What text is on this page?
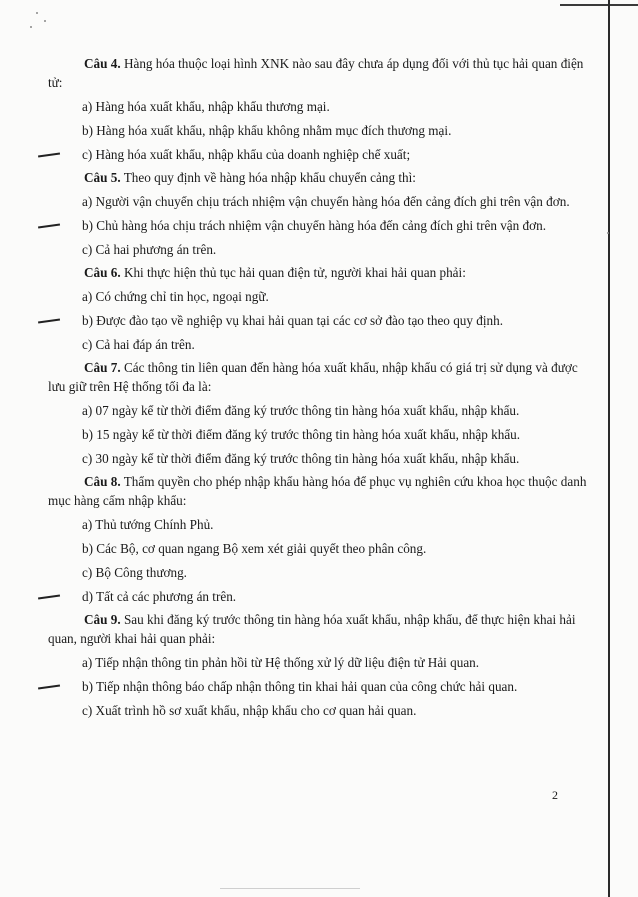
Câu 4. Hàng hóa thuộc loại hình XNK nào sau đây chưa áp dụng đối với thủ tục hải quan điện tử:

a) Hàng hóa xuất khẩu, nhập khẩu thương mại.

b) Hàng hóa xuất khẩu, nhập khẩu không nhằm mục đích thương mại.

c) Hàng hóa xuất khẩu, nhập khẩu của doanh nghiệp chế xuất;

Câu 5. Theo quy định về hàng hóa nhập khẩu chuyển cảng thì:

a) Người vận chuyển chịu trách nhiệm vận chuyển hàng hóa đến cảng đích ghi trên vận đơn.

b) Chủ hàng hóa chịu trách nhiệm vận chuyển hàng hóa đến cảng đích ghi trên vận đơn.

c) Cả hai phương án trên.

Câu 6. Khi thực hiện thủ tục hải quan điện tử, người khai hải quan phải:

a) Có chứng chỉ tin học, ngoại ngữ.

b) Được đào tạo về nghiệp vụ khai hải quan tại các cơ sở đào tạo theo quy định.

c) Cả hai đáp án trên.

Câu 7. Các thông tin liên quan đến hàng hóa xuất khẩu, nhập khẩu có giá trị sử dụng và được lưu giữ trên Hệ thống tối đa là:

a) 07 ngày kể từ thời điểm đăng ký trước thông tin hàng hóa xuất khẩu, nhập khẩu.

b) 15 ngày kể từ thời điểm đăng ký trước thông tin hàng hóa xuất khẩu, nhập khẩu.

c) 30 ngày kể từ thời điểm đăng ký trước thông tin hàng hóa xuất khẩu, nhập khẩu.

Câu 8. Thẩm quyền cho phép nhập khẩu hàng hóa để phục vụ nghiên cứu khoa học thuộc danh mục hàng cấm nhập khẩu:

a) Thủ tướng Chính Phủ.

b) Các Bộ, cơ quan ngang Bộ xem xét giải quyết theo phân công.

c) Bộ Công thương.

d) Tất cả các phương án trên.

Câu 9. Sau khi đăng ký trước thông tin hàng hóa xuất khẩu, nhập khẩu, để thực hiện khai hải quan, người khai hải quan phải:

a) Tiếp nhận thông tin phản hồi từ Hệ thống xử lý dữ liệu điện tử Hải quan.

b) Tiếp nhận thông báo chấp nhận thông tin khai hải quan của công chức hải quan.

c) Xuất trình hồ sơ xuất khẩu, nhập khẩu cho cơ quan hải quan.

2
